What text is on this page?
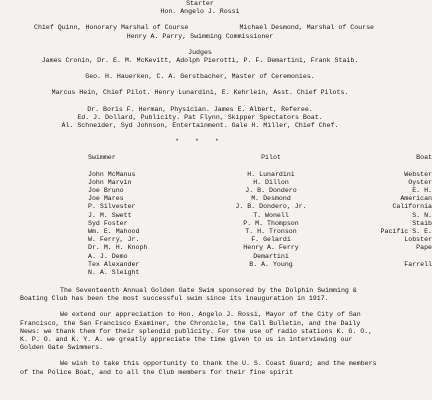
Starter
Hon. Angelo J. Rossi
Chief Quinn, Honorary Marshal of Course	Michael Desmond, Marshal of Course
Henry A. Parry, Swimming Commissioner
Judges
James Cronin, Dr. E. M. McKevitt, Adolph Pierotti, P. F. Demartini, Frank Staib.
Geo. H. Hauerken, C. A. Gerstbacher, Master of Ceremonies.
Marcus Hein, Chief Pilot. Henry Lunardini, E. Kehrlein, Asst. Chief Pilots.
Dr. Boris F. Herman, Physician. James E. Albert, Referee.
Ed. J. Dollard, Publicity. Pat Flynn, Skipper Spectators Boat.
Al. Schneider, Syd Johnson, Entertainment. Gale H. Miller, Chief Chef.
* * *
Swimmer	Pilot	Boat
John McManus	H. Lunardini	Webster
John Marvin	H. Dillon	Oyster
Joe Bruno	J. B. Dondero	E. H.
Joe Mares	M. Desmond	American
P. Silvester	J. B. Dondero, Jr.	California
J. M. Swett	T. Wonell	S. N.
Syd Foster	P. M. Thompson	Staib
Wm. E. Mahood	T. H. Tronson	Pacific S. E.
W. Ferry, Jr.	F. Gelardi	Lobster
Dr. M. H. Knoph	Henry A. Ferry	Pape
A. J. Demo	Demartini
Tex Alexander	B. A. Young	Farrell
N. A. Sleight
The Seventeenth Annual Golden Gate Swim sponsored by the Dolphin Swimming & Boating Club has been the most successful swim since its inauguration in 1917.
We extend our appreciation to Hon. Angelo J. Rossi, Mayor of the City of San Francisco, the San Francisco Examiner, the Chronicle, the Call Bulletin, and the Daily News: we thank them for their splendid publicity. For the use of radio stations K. G. O., K. P. O. and K. Y. A. we greatly appreciate the time given to us in interviewing our Golden Gate Swimmers.
We wish to take this opportunity to thank the U. S. Coast Guard; and the members of the Police Boat, and to all the Club members for their fine spirit
